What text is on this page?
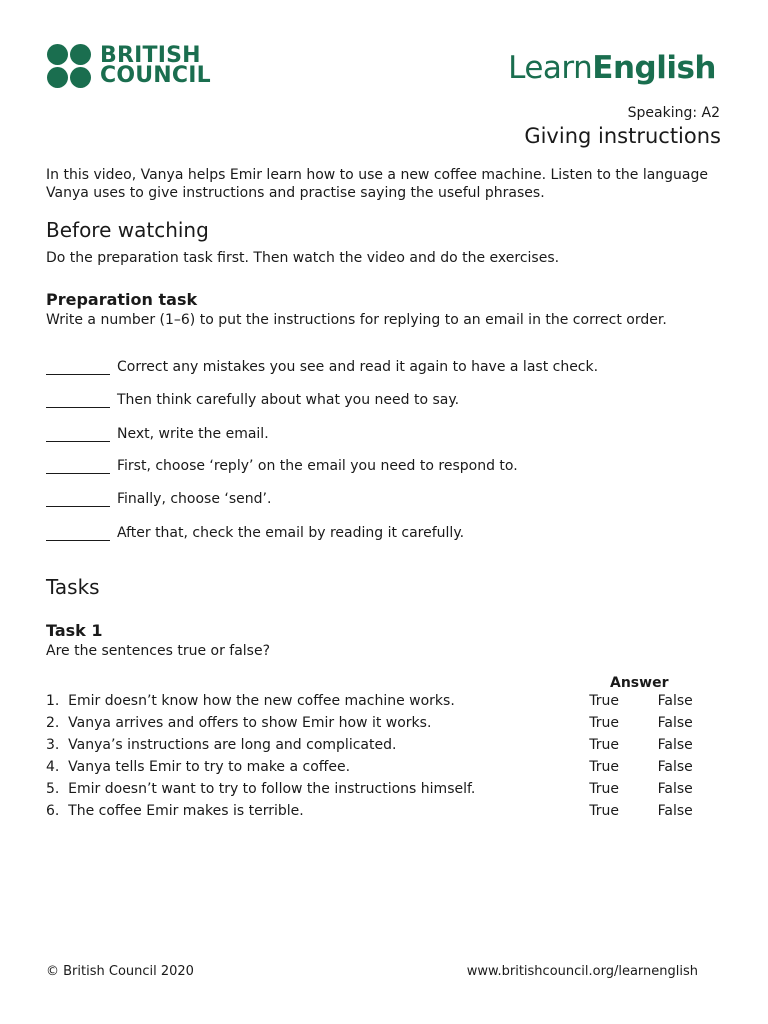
BRITISH
COUNCIL	LearnEnglish
Speaking: A2
Giving instructions

In this video, Vanya helps Emir learn how to use a new coffee machine. Listen to the language Vanya uses to give instructions and practise saying the useful phrases.

Before watching

Do the preparation task first. Then watch the video and do the exercises.

Preparation task

Write a number (1–6) to put the instructions for replying to an email in the correct order.

Correct any mistakes you see and read it again to have a last check.
Then think carefully about what you need to say.
Next, write the email.
First, choose ‘reply’ on the email you need to respond to.
Finally, choose ‘send’.
After that, check the email by reading it carefully.
Tasks
Task 1

Are the sentences true or false?

Answer
1. Emir doesn’t know how the new coffee machine works.	True	False
2. Vanya arrives and offers to show Emir how it works.	True	False
3. Vanya’s instructions are long and complicated.	True	False
4. Vanya tells Emir to try to make a coffee.	True	False
5. Emir doesn’t want to try to follow the instructions himself.	True	False
6. The coffee Emir makes is terrible.	True	False
© British Council 2020	www.britishcouncil.org/learnenglish
